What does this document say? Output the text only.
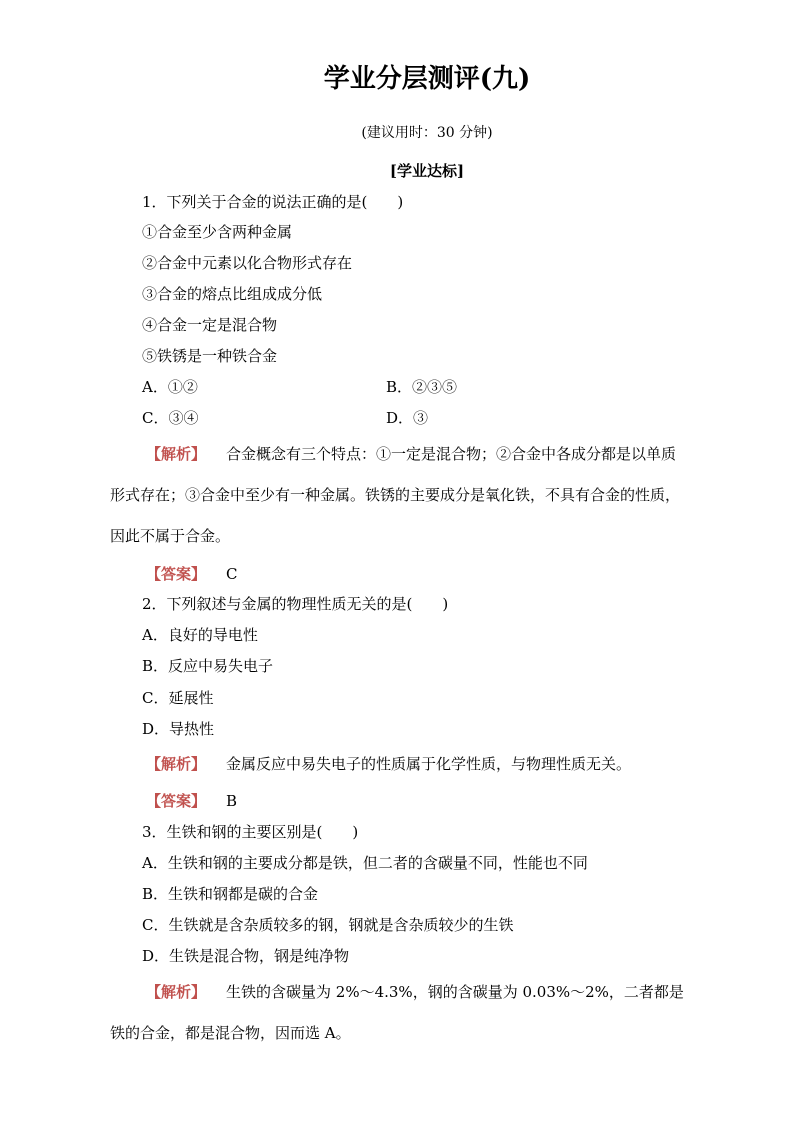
学业分层测评(九)
(建议用时：30 分钟)
[学业达标]
1．下列关于合金的说法正确的是(　　)
①合金至少含两种金属
②合金中元素以化合物形式存在
③合金的熔点比组成成分低
④合金一定是混合物
⑤铁锈是一种铁合金
A．①②	B．②③⑤
C．③④	D．③
【解析】 合金概念有三个特点：①一定是混合物；②合金中各成分都是以单质形式存在；③合金中至少有一种金属。铁锈的主要成分是氧化铁，不具有合金的性质，因此不属于合金。
【答案】 C
2．下列叙述与金属的物理性质无关的是(　　)
A．良好的导电性
B．反应中易失电子
C．延展性
D．导热性
【解析】 金属反应中易失电子的性质属于化学性质，与物理性质无关。
【答案】 B
3．生铁和钢的主要区别是(　　)
A．生铁和钢的主要成分都是铁，但二者的含碳量不同，性能也不同
B．生铁和钢都是碳的合金
C．生铁就是含杂质较多的钢，钢就是含杂质较少的生铁
D．生铁是混合物，钢是纯净物
【解析】 生铁的含碳量为 2%～4.3%，钢的含碳量为 0.03%～2%，二者都是铁的合金，都是混合物，因而选 A。
